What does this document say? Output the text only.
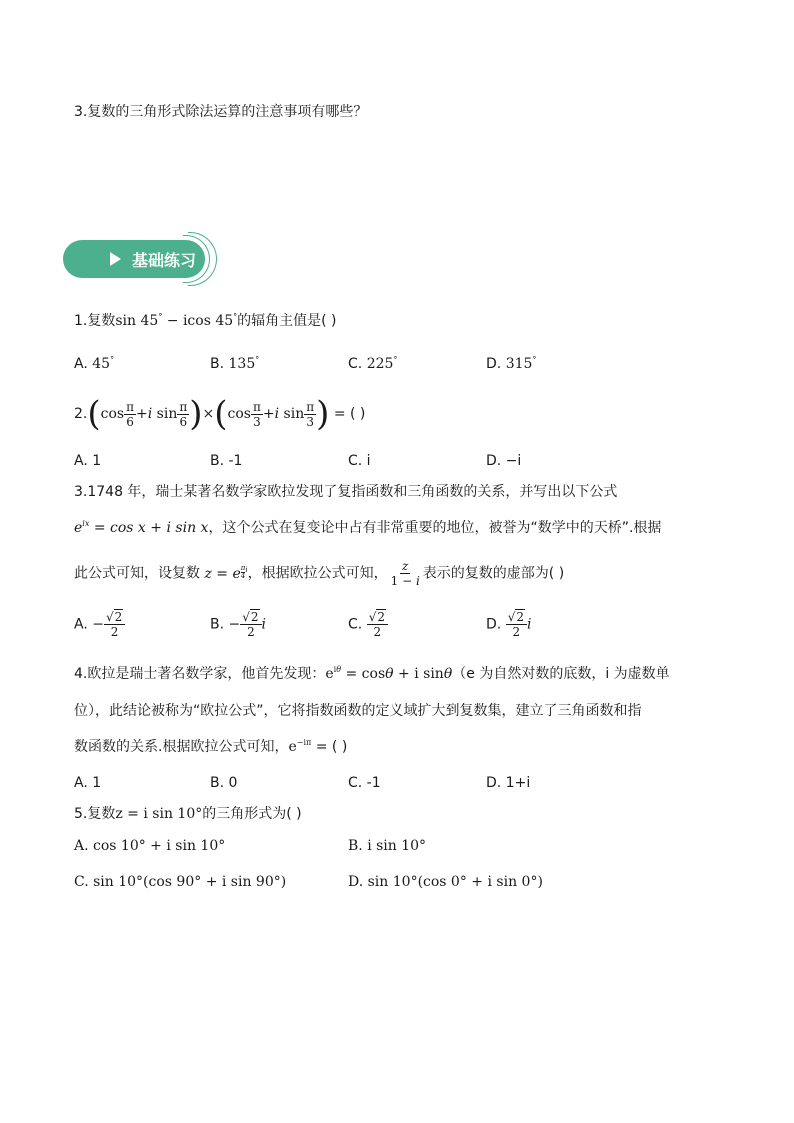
3.复数的三角形式除法运算的注意事项有哪些？
基础练习
1.复数sin 45° − icos 45°的辐角主值是( )
A. 45°	B. 135°	C. 225°	D. 315°
$2.(\cos \frac{\pi}{6} +i$ $\sin \frac{\pi}{6} )\times(\cos \frac{\pi}{3} +i$ $\sin \frac{\pi}{3}$ ) = ( )
A. 1	B. -1	C. i	D. −i
3.1748 年，瑞士某著名数学家欧拉发现了复指函数和三角函数的关系，并写出以下公式
$e^{ix} = \cos x + i$ sin x，这个公式在复变论中占有非常重要的地位，被誉为“数学中的天桥”.根据
此公式可知，设复数 z = e $\frac{\pi}{4} ^i$，根据欧拉公式可知， $\frac{z}{1 - i}$ 表示的复数的虚部为( )
A. − $\frac{√2}{2}$	B. − $\frac{√2}{2}$ i	C. $\frac{√2}{2}$	D. $\frac{√2}{2}$ i
4.欧拉是瑞士著名数学家，他首先发现：$e^{i\theta} = \cos\theta + i$ sinθ（e 为自然对数的底数，i 为虚数单
位），此结论被称为“欧拉公式”，它将指数函数的定义域扩大到复数集，建立了三角函数和指
数函数的关系.根据欧拉公式可知，$e^{-i\pi}$ = ( )
A. 1	B. 0	C. -1	D. 1+i
5.复数z = i sin 10°的三角形式为( )
A. cos 10° + i sin 10°	B. i sin 10°
C. sin 10°(cos 90° + i sin 90°)	D. sin 10°(cos 0° + i sin 0°)
